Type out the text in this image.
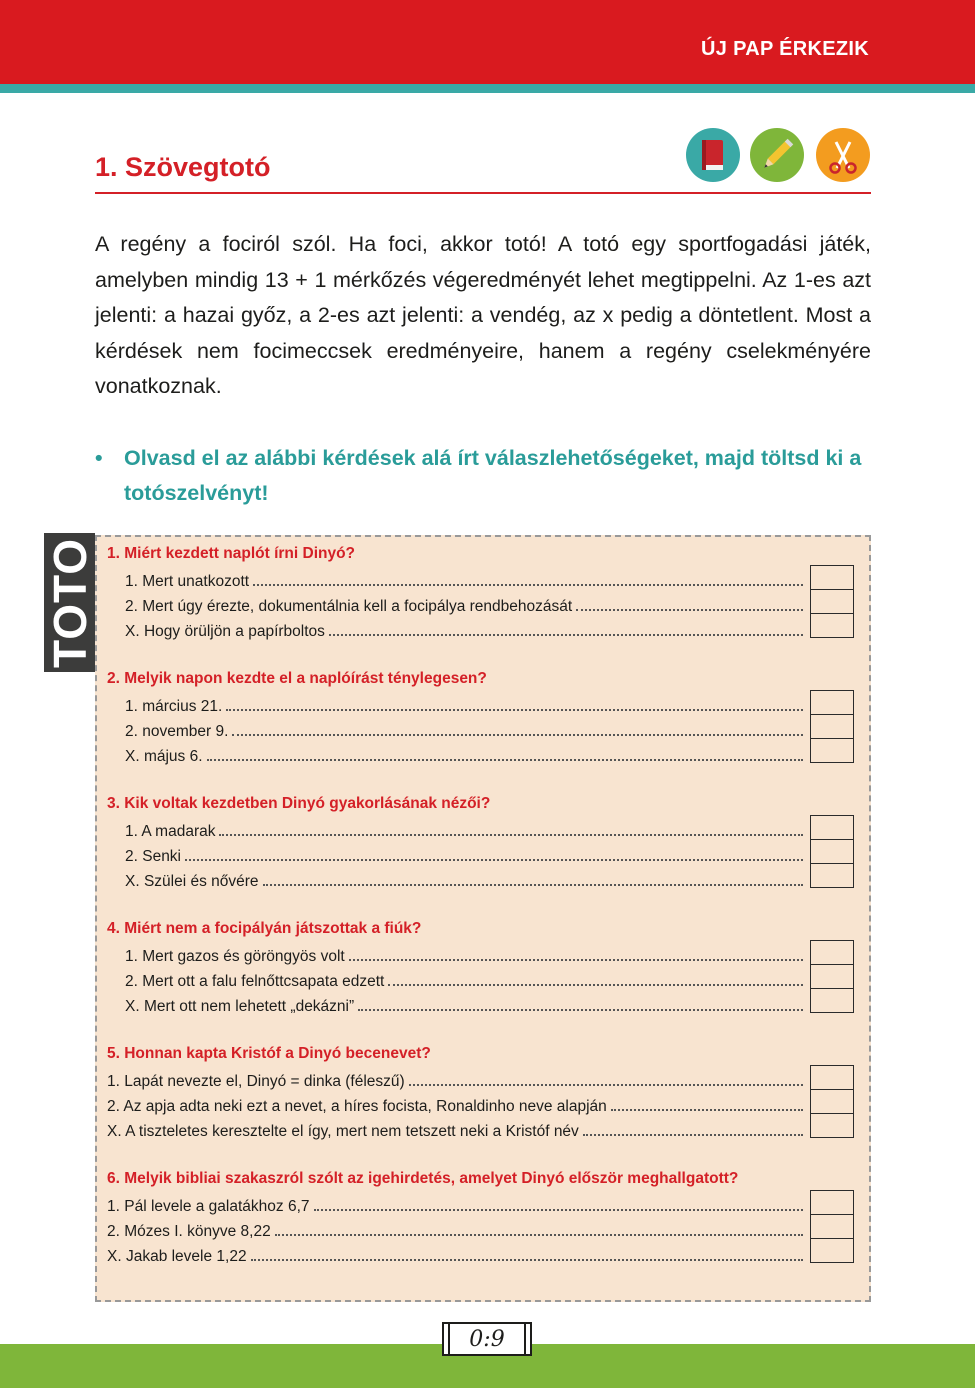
ÚJ PAP ÉRKEZIK
1. Szövegtotó
A regény a fociról szól. Ha foci, akkor totó! A totó egy sportfogadási játék, amelyben mindig 13 + 1 mérkőzés végeredményét lehet megtippelni. Az 1-es azt jelenti: a hazai győz, a 2-es azt jelenti: a vendég, az x pedig a döntetlent. Most a kérdések nem focimeccsek eredményeire, hanem a regény cselekményére vonatkoznak.
• Olvasd el az alábbi kérdések alá írt válaszlehetőségeket, majd töltsd ki a totószelvényt!
TOTO 1. Miért kezdett naplót írni Dinyó?
1. Mert unatkozott
2. Mert úgy érezte, dokumentálnia kell a focipálya rendbehozását
X. Hogy örüljön a papírboltos
2. Melyik napon kezdte el a naplóírást ténylegesen?
1. március 21.
2. november 9.
X. május 6.
3. Kik voltak kezdetben Dinyó gyakorlásának nézői?
1. A madarak
2. Senki
X. Szülei és nővére
4. Miért nem a focipályán játszottak a fiúk?
1. Mert gazos és göröngyös volt
2. Mert ott a falu felnőttcsapata edzett
X. Mert ott nem lehetett „dekázni”
5. Honnan kapta Kristóf a Dinyó becenevet?
1. Lapát nevezte el, Dinyó = dinka (féleszű)
2. Az apja adta neki ezt a nevet, a híres focista, Ronaldinho neve alapján
X. A tiszteletes keresztelte el így, mert nem tetszett neki a Kristóf név
6. Melyik bibliai szakaszról szólt az igehirdetés, amelyet Dinyó először meghallgatott?
1. Pál levele a galatákhoz 6,7
2. Mózes I. könyve 8,22
X. Jakab levele 1,22
0:9
